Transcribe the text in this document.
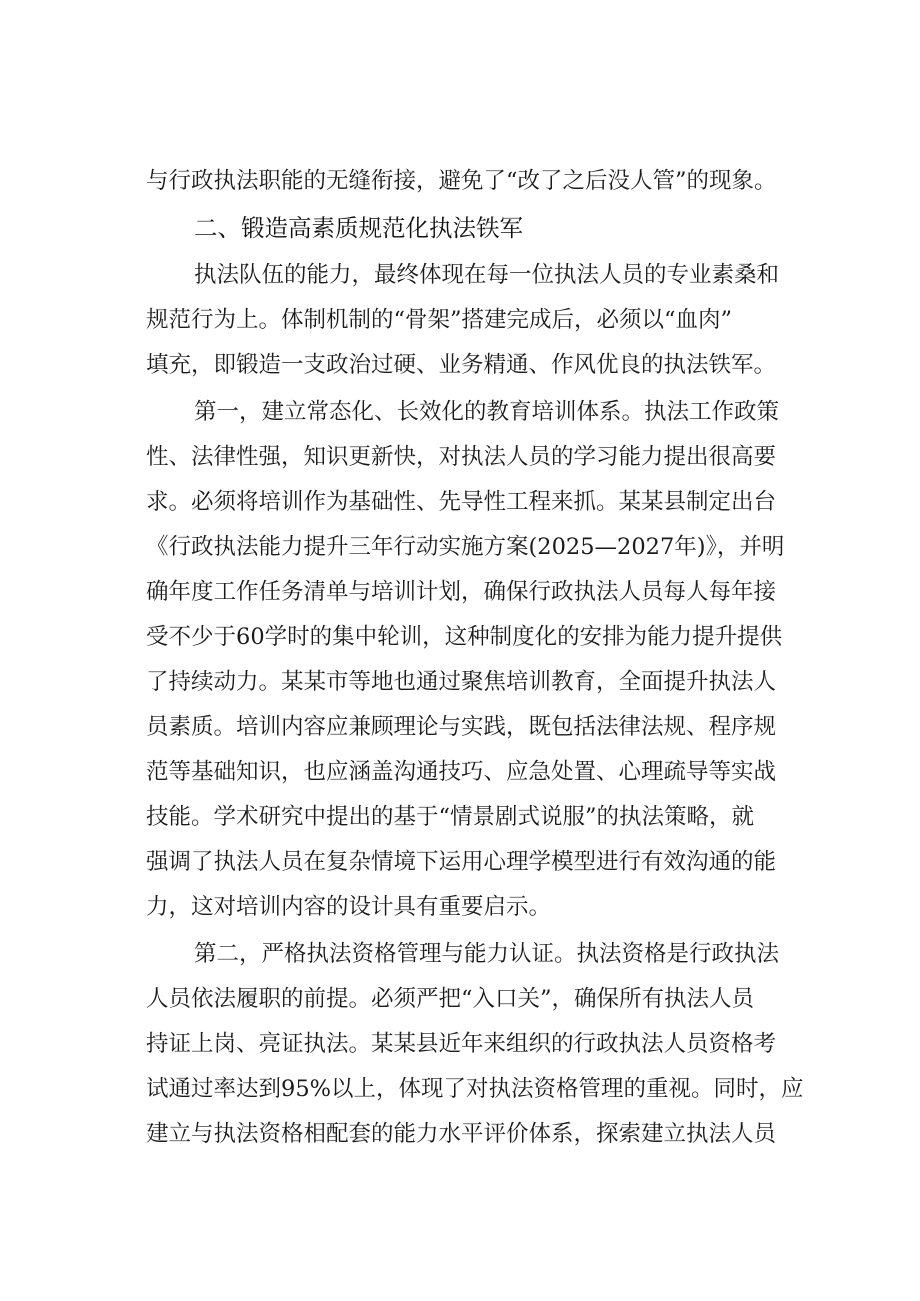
与行政执法职能的无缝衔接，避免了“改了之后没人管”的现象。

二、锻造高素质规范化执法铁军

执法队伍的能力，最终体现在每一位执法人员的专业素桑和

规范行为上。体制机制的“骨架”搭建完成后，必须以“血肉”

填充，即锻造一支政治过硬、业务精通、作风优良的执法铁军。

第一，建立常态化、长效化的教育培训体系。执法工作政策

性、法律性强，知识更新快，对执法人员的学习能力提出很高要

求。必须将培训作为基础性、先导性工程来抓。某某县制定出台

《行政执法能力提升三年行动实施方案(2025—2027年)》，并明

确年度工作任务清单与培训计划，确保行政执法人员每人每年接

受不少于60学时的集中轮训，这种制度化的安排为能力提升提供

了持续动力。某某市等地也通过聚焦培训教育，全面提升执法人

员素质。培训内容应兼顾理论与实践，既包括法律法规、程序规

范等基础知识，也应涵盖沟通技巧、应急处置、心理疏导等实战

技能。学术研究中提出的基于“情景剧式说服”的执法策略，就

强调了执法人员在复杂情境下运用心理学模型进行有效沟通的能

力，这对培训内容的设计具有重要启示。

第二，严格执法资格管理与能力认证。执法资格是行政执法

人员依法履职的前提。必须严把“入口关”，确保所有执法人员

持证上岗、亮证执法。某某县近年来组织的行政执法人员资格考

试通过率达到95%以上，体现了对执法资格管理的重视。同时，应

建立与执法资格相配套的能力水平评价体系，探索建立执法人员
